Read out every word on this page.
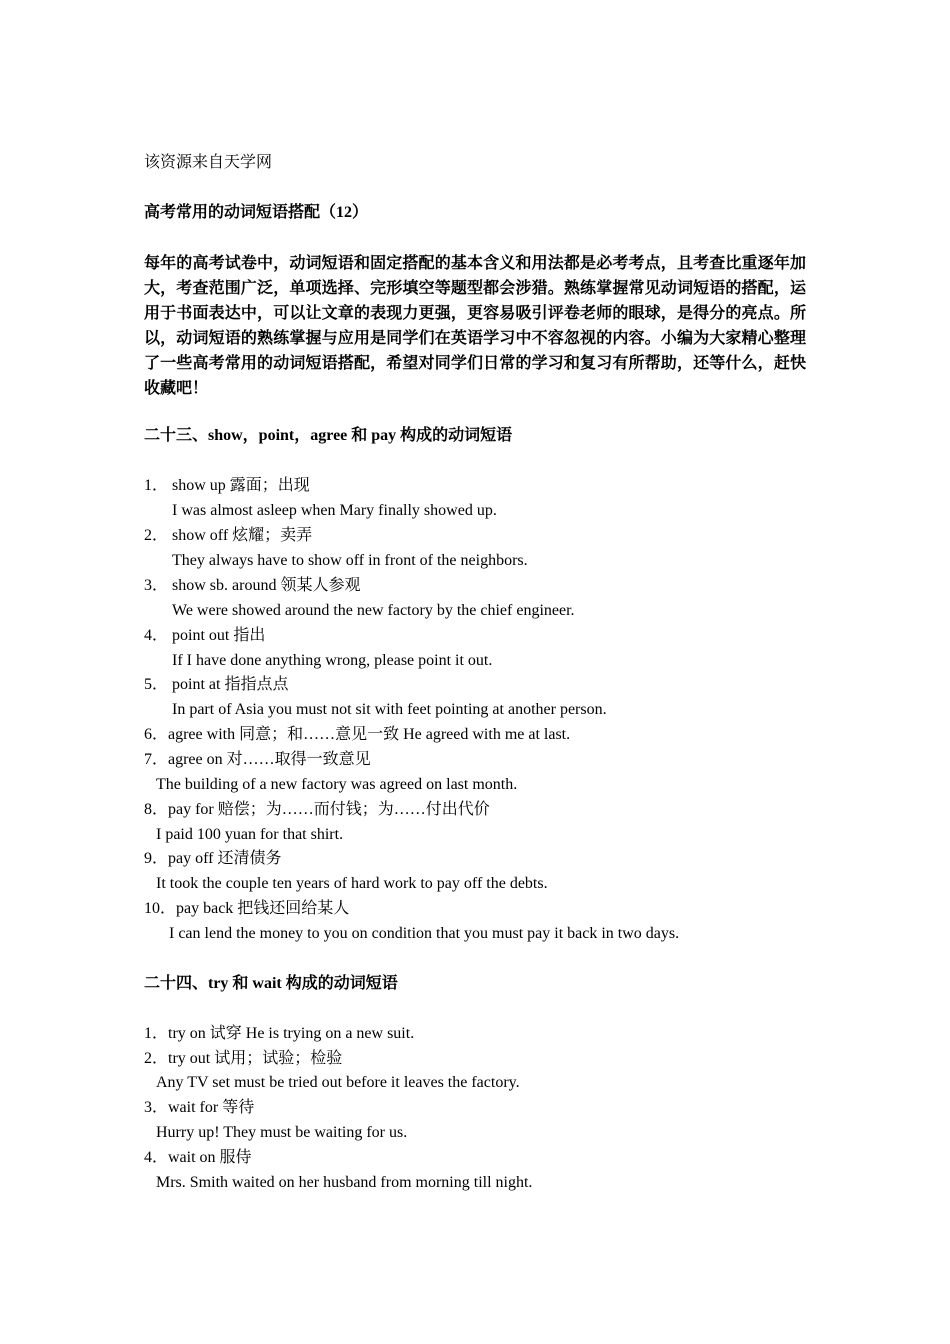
该资源来自天学网
高考常用的动词短语搭配（12）
每年的高考试卷中，动词短语和固定搭配的基本含义和用法都是必考考点，且考查比重逐年加大，考查范围广泛，单项选择、完形填空等题型都会涉猎。熟练掌握常见动词短语的搭配，运用于书面表达中，可以让文章的表现力更强，更容易吸引评卷老师的眼球，是得分的亮点。所以，动词短语的熟练掌握与应用是同学们在英语学习中不容忽视的内容。小编为大家精心整理了一些高考常用的动词短语搭配，希望对同学们日常的学习和复习有所帮助，还等什么，赶快收藏吧！
二十三、show，point，agree 和 pay 构成的动词短语
1． show up 露面；出现
I was almost asleep when Mary finally showed up.
2． show off 炫耀；卖弄
They always have to show off in front of the neighbors.
3． show sb. around 领某人参观
We were showed around the new factory by the chief engineer.
4． point out 指出
If I have done anything wrong, please point it out.
5． point at 指指点点
In part of Asia you must not sit with feet pointing at another person.
6．agree with 同意；和……意见一致 He agreed with me at last.
7．agree on 对……取得一致意见
The building of a new factory was agreed on last month.
8．pay for 赔偿；为……而付钱；为……付出代价
I paid 100 yuan for that shirt.
9．pay off 还清债务
It took the couple ten years of hard work to pay off the debts.
10．pay back 把钱还回给某人
I can lend the money to you on condition that you must pay it back in two days.
二十四、try 和 wait 构成的动词短语
1．try on 试穿 He is trying on a new suit.
2．try out 试用；试验；检验
Any TV set must be tried out before it leaves the factory.
3．wait for 等待
Hurry up! They must be waiting for us.
4．wait on 服侍
Mrs. Smith waited on her husband from morning till night.
